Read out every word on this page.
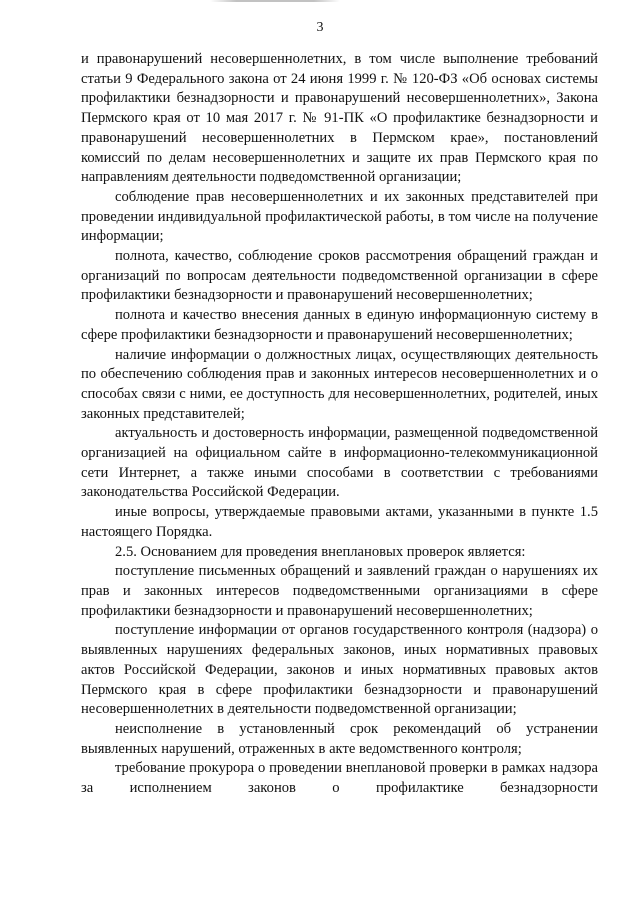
3

и правонарушений несовершеннолетних, в том числе выполнение требований статьи 9 Федерального закона от 24 июня 1999 г. № 120-ФЗ «Об основах системы профилактики безнадзорности и правонарушений несовершеннолетних», Закона Пермского края от 10 мая 2017 г. № 91-ПК «О профилактике безнадзорности и правонарушений несовершеннолетних в Пермском крае», постановлений комиссий по делам несовершеннолетних и защите их прав Пермского края по направлениям деятельности подведомственной организации;

соблюдение прав несовершеннолетних и их законных представителей при проведении индивидуальной профилактической работы, в том числе на получение информации;

полнота, качество, соблюдение сроков рассмотрения обращений граждан и организаций по вопросам деятельности подведомственной организации в сфере профилактики безнадзорности и правонарушений несовершеннолетних;

полнота и качество внесения данных в единую информационную систему в сфере профилактики безнадзорности и правонарушений несовершеннолетних;

наличие информации о должностных лицах, осуществляющих деятельность по обеспечению соблюдения прав и законных интересов несовершеннолетних и о способах связи с ними, ее доступность для несовершеннолетних, родителей, иных законных представителей;

актуальность и достоверность информации, размещенной подведомственной организацией на официальном сайте в информационно-телекоммуникационной сети Интернет, а также иными способами в соответствии с требованиями законодательства Российской Федерации.

иные вопросы, утверждаемые правовыми актами, указанными в пункте 1.5 настоящего Порядка.

2.5. Основанием для проведения внеплановых проверок является:

поступление письменных обращений и заявлений граждан о нарушениях их прав и законных интересов подведомственными организациями в сфере профилактики безнадзорности и правонарушений несовершеннолетних;

поступление информации от органов государственного контроля (надзора) о выявленных нарушениях федеральных законов, иных нормативных правовых актов Российской Федерации, законов и иных нормативных правовых актов Пермского края в сфере профилактики безнадзорности и правонарушений несовершеннолетних в деятельности подведомственной организации;

неисполнение в установленный срок рекомендаций об устранении выявленных нарушений, отраженных в акте ведомственного контроля;

требование прокурора о проведении внеплановой проверки в рамках надзора за исполнением законов о профилактике безнадзорности
